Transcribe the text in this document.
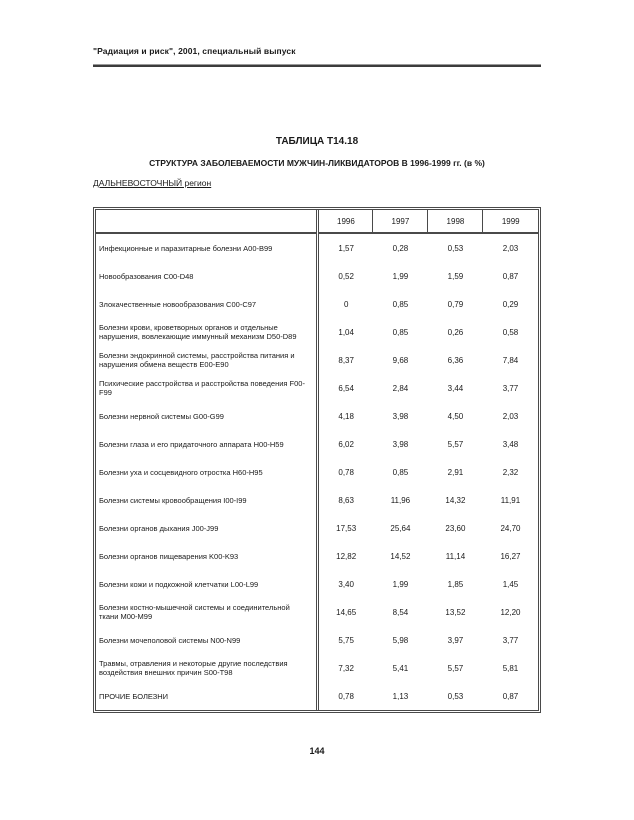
"Радиация и риск", 2001, специальный выпуск
ТАБЛИЦА Т14.18
СТРУКТУРА ЗАБОЛЕВАЕМОСТИ МУЖЧИН-ЛИКВИДАТОРОВ В 1996-1999 гг. (в %)
ДАЛЬНЕВОСТОЧНЫЙ регион
	1996	1997	1998	1999
Инфекционные и паразитарные болезни A00-B99	1,57	0,28	0,53	2,03
Новообразования C00-D48	0,52	1,99	1,59	0,87
Злокачественные новообразования C00-C97	0	0,85	0,79	0,29
Болезни крови, кроветворных органов и отдельные нарушения, вовлекающие иммунный механизм D50-D89	1,04	0,85	0,26	0,58
Болезни эндокринной системы, расстройства питания и нарушения обмена веществ E00-E90	8,37	9,68	6,36	7,84
Психические расстройства и расстройства поведения F00-F99	6,54	2,84	3,44	3,77
Болезни нервной системы G00-G99	4,18	3,98	4,50	2,03
Болезни глаза и его придаточного аппарата H00-H59	6,02	3,98	5,57	3,48
Болезни уха и сосцевидного отростка H60-H95	0,78	0,85	2,91	2,32
Болезни системы кровообращения I00-I99	8,63	11,96	14,32	11,91
Болезни органов дыхания J00-J99	17,53	25,64	23,60	24,70
Болезни органов пищеварения K00-K93	12,82	14,52	11,14	16,27
Болезни кожи и подкожной клетчатки L00-L99	3,40	1,99	1,85	1,45
Болезни костно-мышечной системы и соединительной ткани M00-M99	14,65	8,54	13,52	12,20
Болезни мочеполовой системы N00-N99	5,75	5,98	3,97	3,77
Травмы, отравления и некоторые другие последствия воздействия внешних причин S00-T98	7,32	5,41	5,57	5,81
ПРОЧИЕ БОЛЕЗНИ	0,78	1,13	0,53	0,87
144
